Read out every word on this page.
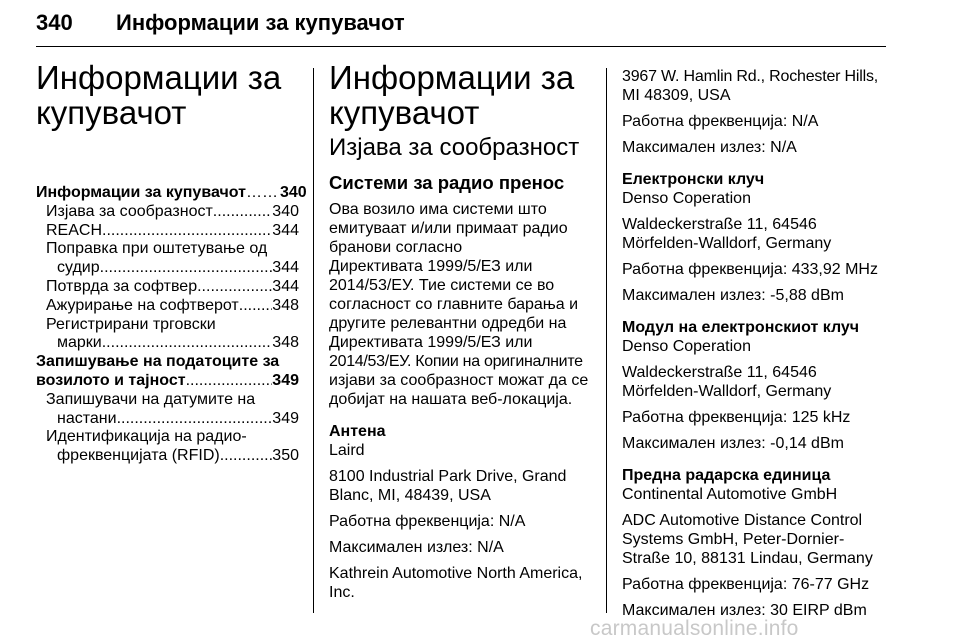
340 Информации за купувачот
Информации за
купувачот
Информации за купувачот …… 340
Изјава за сообразност .....	340
REACH .....	344
Поправка при оштетување од
судир .....	344
Потврда за софтвер .....	344
Ажурирање на софтверот ..... 348
Регистрирани трговски
марки .....	348
Запишување на податоците за
возилото и тајност .....	349
Запишувачи на датумите на
настани .....	349
Идентификација на радио-
фреквенцијата (RFID) .....	350
Информации за
купувачот
Изјава за сообразност
Системи за радио пренос
Ова возило има системи што
емитуваат и/или примаат радио
бранови согласно
Директивата 1999/5/ЕЗ или
2014/53/ЕУ. Тие системи се во
согласност со главните барања и
другите релевантни одредби на
Директивата 1999/5/ЕЗ или
2014/53/ЕУ. Копии на оригиналните
изјави за сообразност можат да се
добијат на нашата веб-локација.
Антена
Laird
8100 Industrial Park Drive, Grand
Blanc, MI, 48439, USA
Работна фреквенција: N/A
Максимален излез: N/A
Kathrein Automotive North America,
Inc.
3967 W. Hamlin Rd., Rochester Hills,
MI 48309, USA
Работна фреквенција: N/A
Максимален излез: N/A
Електронски клуч
Denso Coperation
Waldeckerstraße 11, 64546
Mörfelden-Walldorf, Germany
Работна фреквенција: 433,92 MHz
Максимален излез: -5,88 dBm
Модул на електронскиот клуч
Denso Coperation
Waldeckerstraße 11, 64546
Mörfelden-Walldorf, Germany
Работна фреквенција: 125 kHz
Максимален излез: -0,14 dBm
Предна радарска единица
Continental Automotive GmbH
ADC Automotive Distance Control
Systems GmbH, Peter-Dornier-
Straße 10, 88131 Lindau, Germany
Работна фреквенција: 76-77 GHz
Максимален излез: 30 EIRP dBm
carmanualsonline.info
